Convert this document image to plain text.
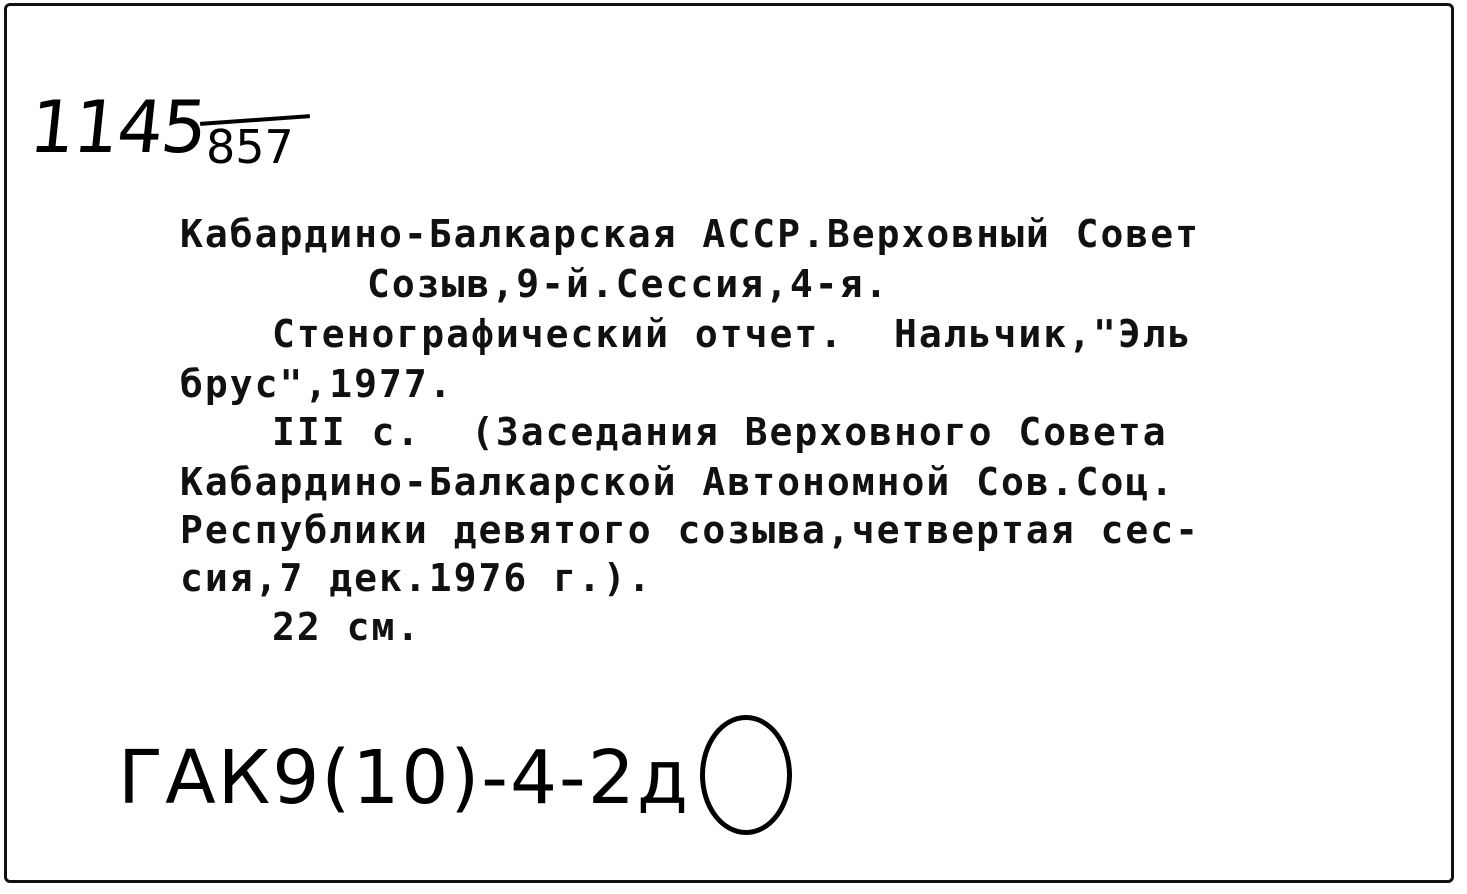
1145
857
Кабардино-Балкарская АССР.Верховный Совет
Созыв,9-й.Сессия,4-я.
Стенографический отчет.  Нальчик,"Эль
брус",1977.
III с.  (Заседания Верховного Совета
Кабардино-Балкарской Автономной Сов.Соц.
Республики девятого созыва,четвертая сес-
сия,7 дек.1976 г.).
22 см.
ГАК9(10)-4-2д
